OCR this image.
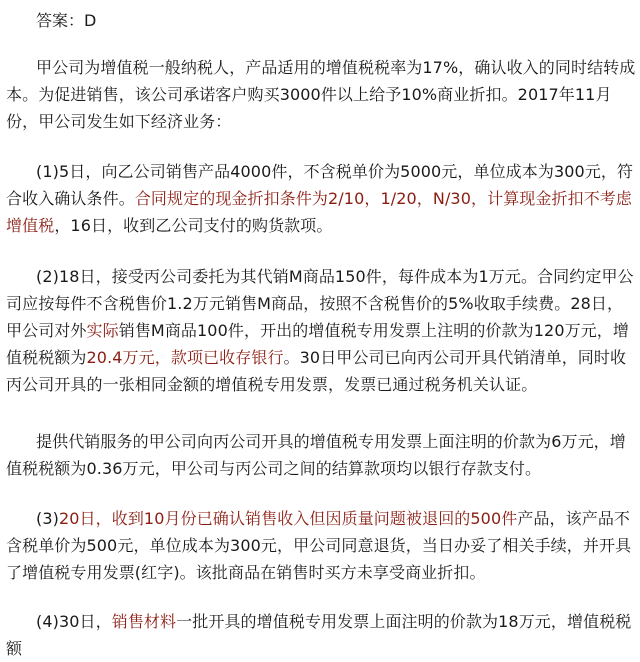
答案：D
甲公司为增值税一般纳税人，产品适用的增值税税率为17%，确认收入的同时结转成本。为促进销售，该公司承诺客户购买3000件以上给予10%商业折扣。2017年11月份，甲公司发生如下经济业务：
(1)5日，向乙公司销售产品4000件，不含税单价为5000元，单位成本为300元，符合收入确认条件。合同规定的现金折扣条件为2/10，1/20，N/30，计算现金折扣不考虑增值税，16日，收到乙公司支付的购货款项。
(2)18日，接受丙公司委托为其代销M商品150件，每件成本为1万元。合同约定甲公司应按每件不含税售价1.2万元销售M商品，按照不含税售价的5%收取手续费。28日，甲公司对外实际销售M商品100件，开出的增值税专用发票上注明的价款为120万元，增值税税额为20.4万元，款项已收存银行。30日甲公司已向丙公司开具代销清单，同时收丙公司开具的一张相同金额的增值税专用发票，发票已通过税务机关认证。
提供代销服务的甲公司向丙公司开具的增值税专用发票上面注明的价款为6万元，增值税税额为0.36万元，甲公司与丙公司之间的结算款项均以银行存款支付。
(3)20日，收到10月份已确认销售收入但因质量问题被退回的500件产品，该产品不含税单价为500元，单位成本为300元，甲公司同意退货，当日办妥了相关手续，并开具了增值税专用发票(红字)。该批商品在销售时买方未享受商业折扣。
(4)30日，销售材料一批开具的增值税专用发票上面注明的价款为18万元，增值税税额
